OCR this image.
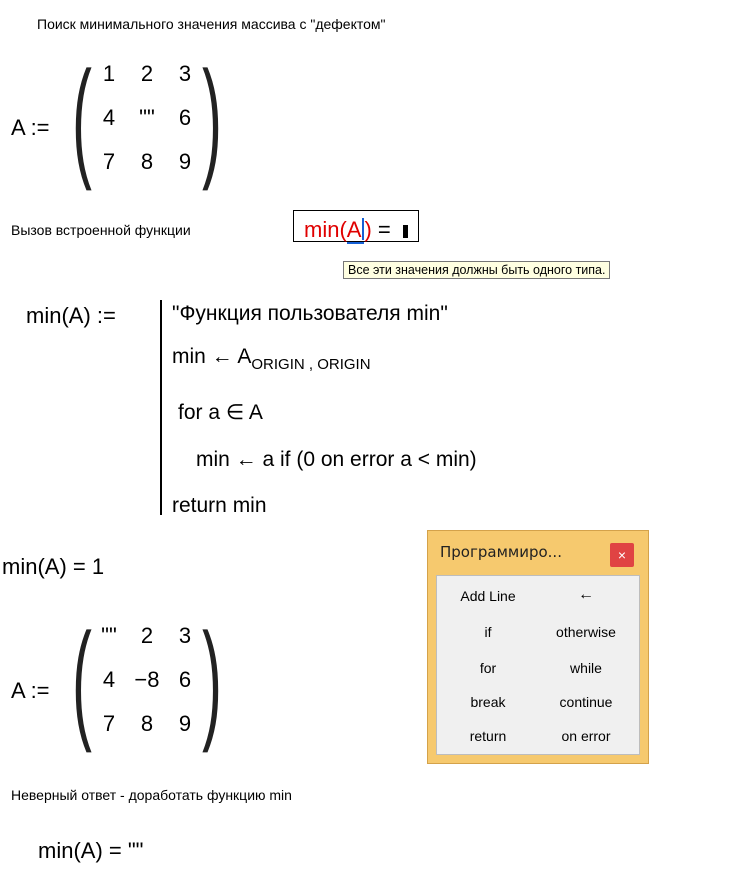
Поиск минимального значения массива с "дефектом"
A := ( 1 2 3
4 "" 6
7 8 9 )
Вызов встроенной функции	min(A ) =
Все эти значения должны быть одного типа.
min(A) :=	"Функция пользователя min"
min ← $A_{ORIGIN , ORIGIN}$
for a ∈ A
min ← a if (0 on error a < min)
return min
min(A) = 1
A := ( "" 2 3
4 −8 6
7 8 9 )
Неверный ответ - доработать функцию min
min(A) = ""
Программиро...	×
Add Line	←
if	otherwise
for	while
break	continue
return	on error
